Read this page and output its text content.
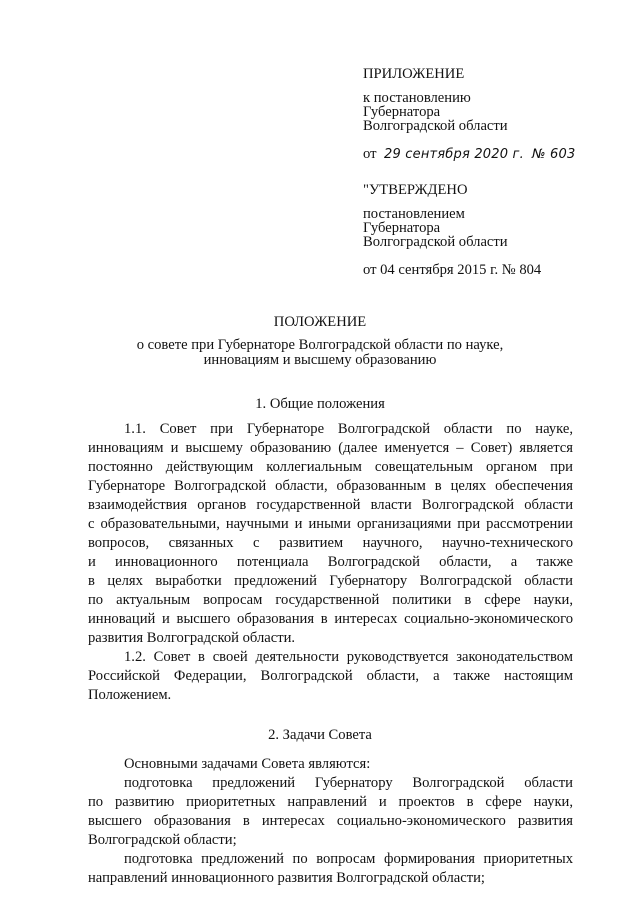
ПРИЛОЖЕНИЕ
к постановлению
Губернатора
Волгоградской области
от 29 сентября 2020 г. № 603
"УТВЕРЖДЕНО
постановлением
Губернатора
Волгоградской области
от 04 сентября 2015 г. № 804
ПОЛОЖЕНИЕ
о совете при Губернаторе Волгоградской области по науке,
инновациям и высшему образованию
1. Общие положения
1.1. Совет при Губернаторе Волгоградской области по науке,
инновациям и высшему образованию (далее именуется – Совет) является
постоянно действующим коллегиальным совещательным органом при
Губернаторе Волгоградской области, образованным в целях обеспечения
взаимодействия органов государственной власти Волгоградской области
с образовательными, научными и иными организациями при рассмотрении
вопросов, связанных с развитием научного, научно-технического
и инновационного потенциала Волгоградской области, а также
в целях выработки предложений Губернатору Волгоградской области
по актуальным вопросам государственной политики в сфере науки,
инноваций и высшего образования в интересах социально-экономического
развития Волгоградской области.
1.2. Совет в своей деятельности руководствуется законодательством
Российской Федерации, Волгоградской области, а также настоящим
Положением.
2. Задачи Совета
Основными задачами Совета являются:
подготовка предложений Губернатору Волгоградской области
по развитию приоритетных направлений и проектов в сфере науки,
высшего образования в интересах социально-экономического развития
Волгоградской области;
подготовка предложений по вопросам формирования приоритетных
направлений инновационного развития Волгоградской области;
